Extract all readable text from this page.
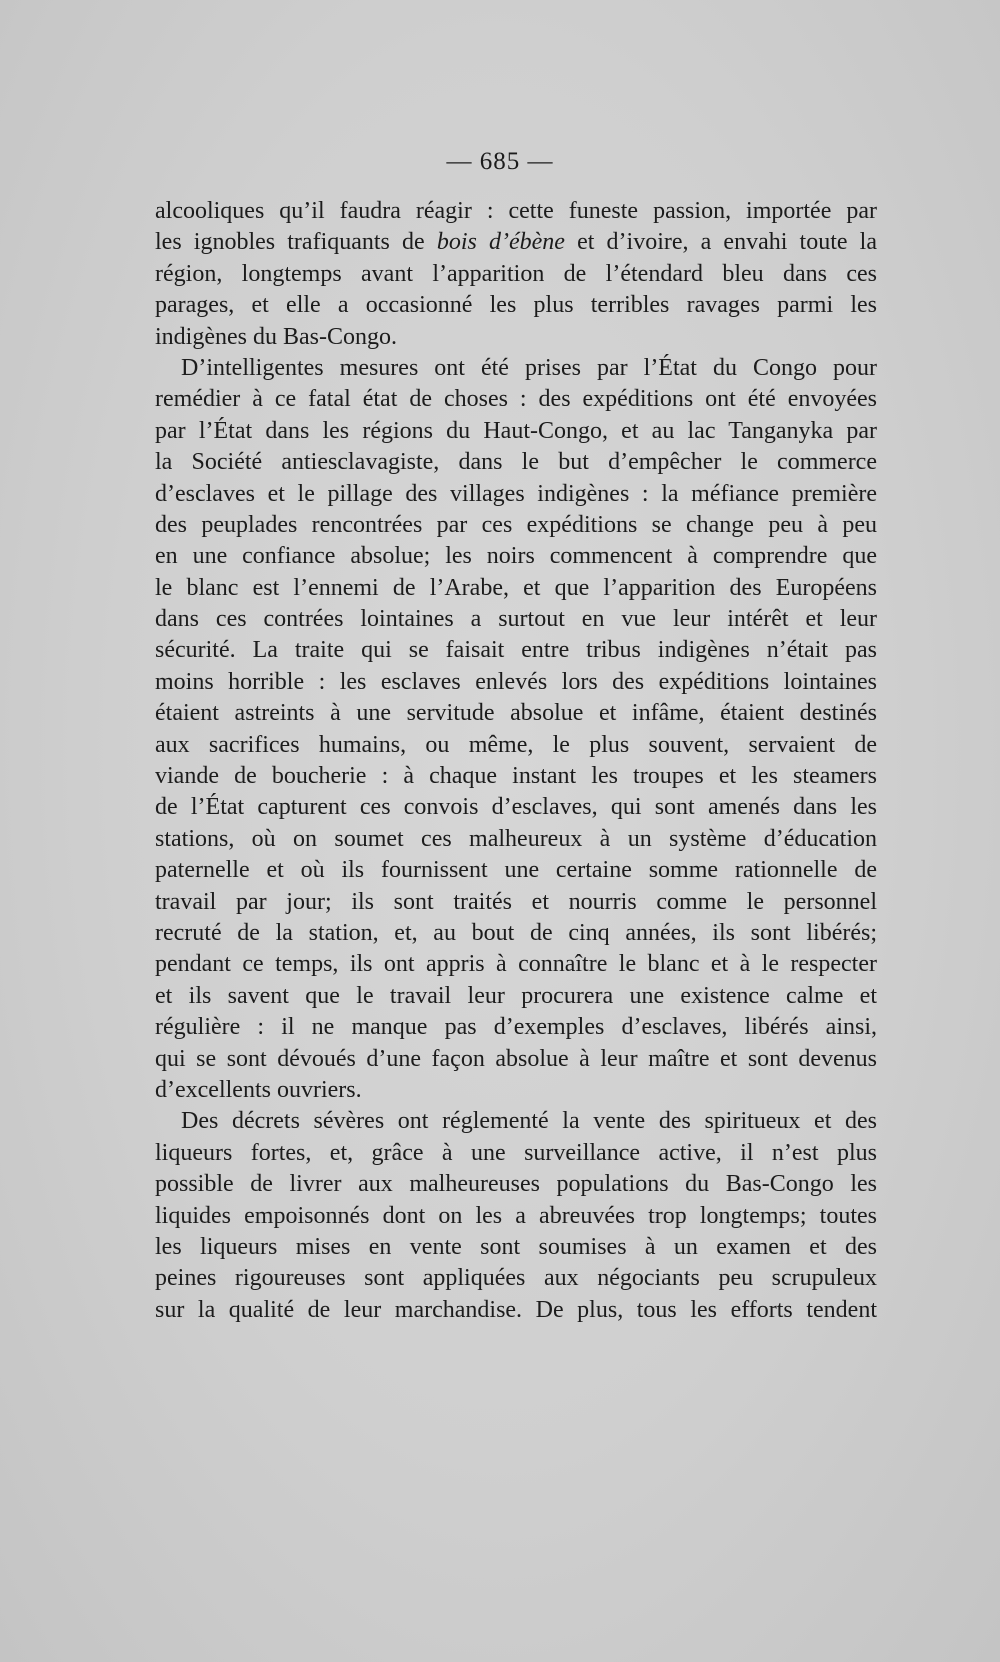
— 685 —
alcooliques qu’il faudra réagir : cette funeste passion, importée par
les ignobles trafiquants de bois d’ébène et d’ivoire, a envahi toute la
région, longtemps avant l’apparition de l’étendard bleu dans ces
parages, et elle a occasionné les plus terribles ravages parmi les
indigènes du Bas-Congo.
D’intelligentes mesures ont été prises par l’État du Congo pour
remédier à ce fatal état de choses : des expéditions ont été envoyées
par l’État dans les régions du Haut-Congo, et au lac Tanganyka par
la Société antiesclavagiste, dans le but d’empêcher le commerce
d’esclaves et le pillage des villages indigènes : la méfiance première
des peuplades rencontrées par ces expéditions se change peu à peu
en une confiance absolue; les noirs commencent à comprendre que
le blanc est l’ennemi de l’Arabe, et que l’apparition des Européens
dans ces contrées lointaines a surtout en vue leur intérêt et leur
sécurité. La traite qui se faisait entre tribus indigènes n’était pas
moins horrible : les esclaves enlevés lors des expéditions lointaines
étaient astreints à une servitude absolue et infâme, étaient destinés
aux sacrifices humains, ou même, le plus souvent, servaient de
viande de boucherie : à chaque instant les troupes et les steamers
de l’État capturent ces convois d’esclaves, qui sont amenés dans les
stations, où on soumet ces malheureux à un système d’éducation
paternelle et où ils fournissent une certaine somme rationnelle de
travail par jour; ils sont traités et nourris comme le personnel
recruté de la station, et, au bout de cinq années, ils sont libérés;
pendant ce temps, ils ont appris à connaître le blanc et à le respecter
et ils savent que le travail leur procurera une existence calme et
régulière : il ne manque pas d’exemples d’esclaves, libérés ainsi,
qui se sont dévoués d’une façon absolue à leur maître et sont devenus
d’excellents ouvriers.
Des décrets sévères ont réglementé la vente des spiritueux et des
liqueurs fortes, et, grâce à une surveillance active, il n’est plus
possible de livrer aux malheureuses populations du Bas-Congo les
liquides empoisonnés dont on les a abreuvées trop longtemps; toutes
les liqueurs mises en vente sont soumises à un examen et des
peines rigoureuses sont appliquées aux négociants peu scrupuleux
sur la qualité de leur marchandise. De plus, tous les efforts tendent
